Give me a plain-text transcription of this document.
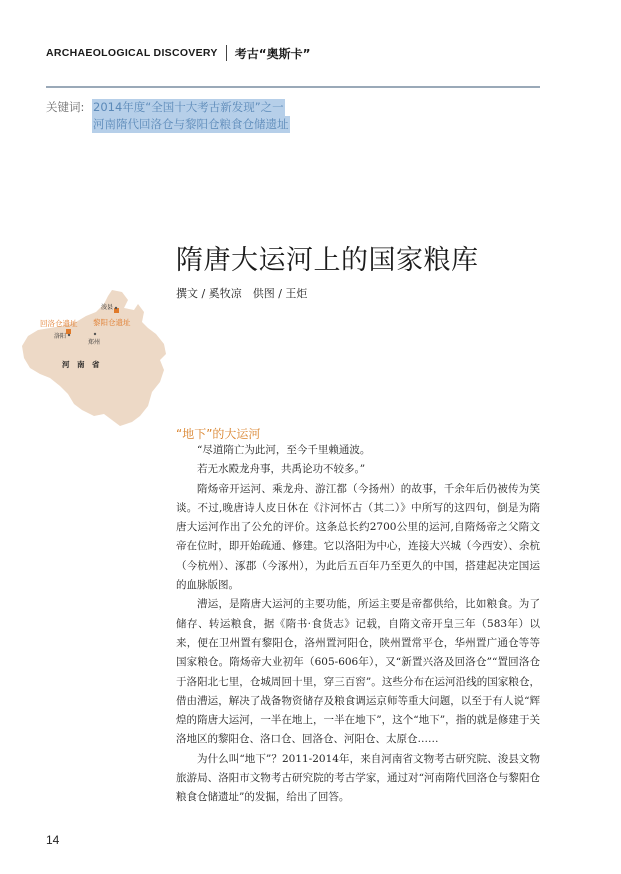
ARCHAEOLOGICAL DISCOVERY 考古“奥斯卡”
关键词: 2014年度“全国十大考古新发现”之一
河南隋代回洛仓与黎阳仓粮食仓储遗址
隋唐大运河上的国家粮库
撰文 / 奚牧凉　供图 / 王炬
浚县
洛阳
郑州
回洛仓遗址 黎阳仓遗址
河　南　省
“地下”的大运河

“尽道隋亡为此河，至今千里赖通波。

若无水殿龙舟事，共禹论功不较多。”

隋炀帝开运河、乘龙舟、游江都（今扬州）的故事，千余年后仍被传为笑谈。不过,晚唐诗人皮日休在《汴河怀古（其二）》中所写的这四句，倒是为隋唐大运河作出了公允的评价。这条总长约2700公里的运河,自隋炀帝之父隋文帝在位时，即开始疏通、修建。它以洛阳为中心，连接大兴城（今西安）、余杭（今杭州）、涿郡（今涿州），为此后五百年乃至更久的中国，搭建起决定国运的血脉版图。

漕运，是隋唐大运河的主要功能，所运主要是帝都供给，比如粮食。为了储存、转运粮食，据《隋书·食货志》记载，自隋文帝开皇三年（583年）以来，便在卫州置有黎阳仓，洛州置河阳仓，陕州置常平仓，华州置广通仓等等国家粮仓。隋炀帝大业初年（605-606年），又“新置兴洛及回洛仓”“置回洛仓于洛阳北七里，仓城周回十里，穿三百窖”。这些分布在运河沿线的国家粮仓，借由漕运，解决了战备物资储存及粮食调运京师等重大问题，以至于有人说“辉煌的隋唐大运河，一半在地上，一半在地下”，这个“地下”，指的就是修建于关洛地区的黎阳仓、洛口仓、回洛仓、河阳仓、太原仓……

为什么叫“地下”？2011-2014年，来自河南省文物考古研究院、浚县文物旅游局、洛阳市文物考古研究院的考古学家，通过对“河南隋代回洛仓与黎阳仓粮食仓储遗址”的发掘，给出了回答。

14
